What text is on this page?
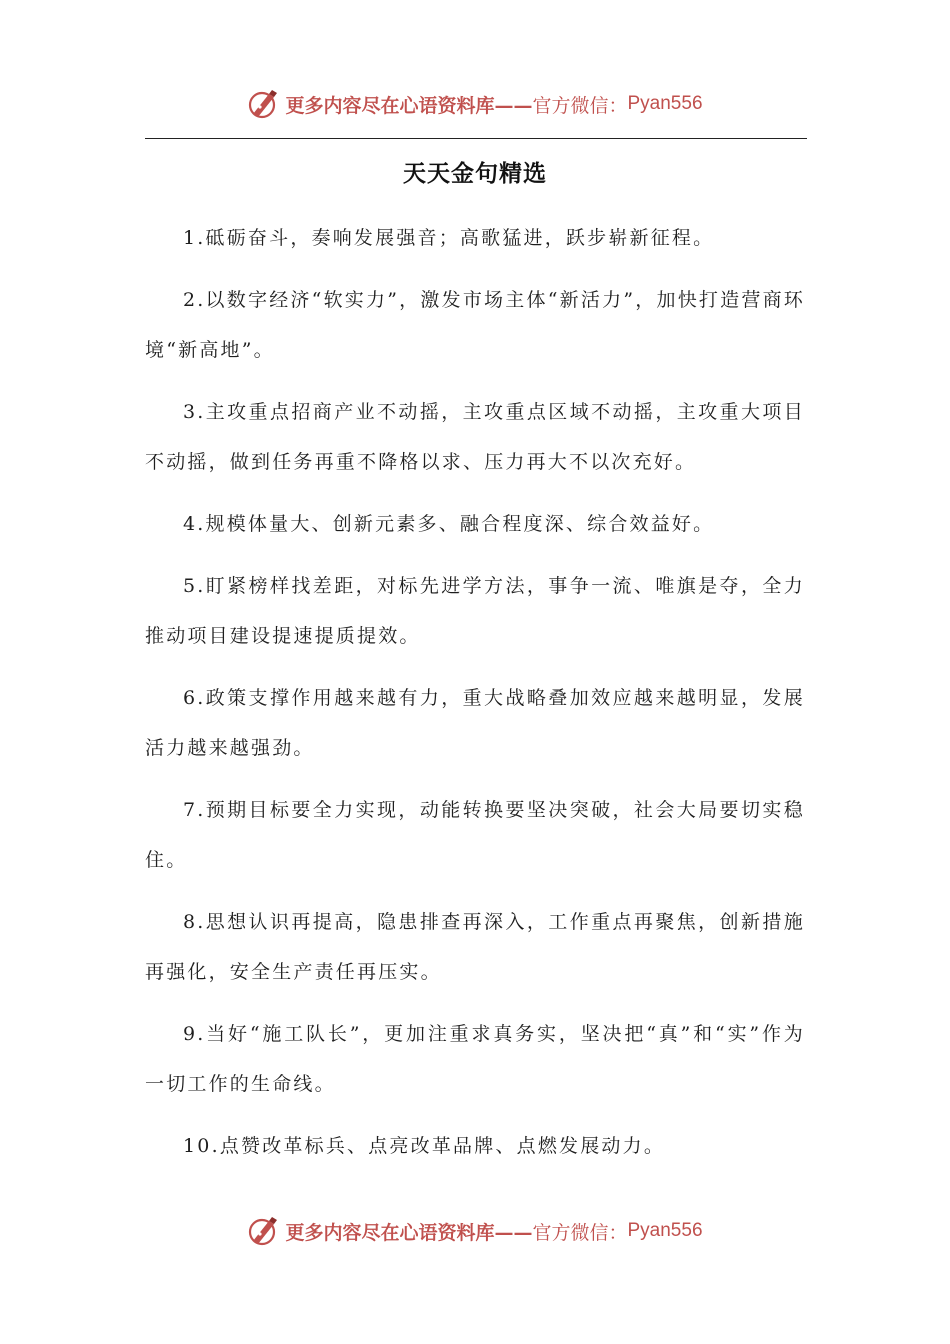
更多内容尽在心语资料库—— 官方微信： Pyan556
天天金句精选

1.砥砺奋斗，奏响发展强音；高歌猛进，跃步崭新征程。

2.以数字经济“软实力”，激发市场主体“新活力”，加快打造营商环境“新高地”。

3.主攻重点招商产业不动摇，主攻重点区域不动摇，主攻重大项目不动摇，做到任务再重不降格以求、压力再大不以次充好。

4.规模体量大、创新元素多、融合程度深、综合效益好。

5.盯紧榜样找差距，对标先进学方法，事争一流、唯旗是夺，全力推动项目建设提速提质提效。

6.政策支撑作用越来越有力，重大战略叠加效应越来越明显，发展活力越来越强劲。

7.预期目标要全力实现，动能转换要坚决突破，社会大局要切实稳住。

8.思想认识再提高，隐患排查再深入，工作重点再聚焦，创新措施再强化，安全生产责任再压实。

9.当好“施工队长”，更加注重求真务实，坚决把“真”和“实”作为一切工作的生命线。

10.点赞改革标兵、点亮改革品牌、点燃发展动力。

更多内容尽在心语资料库—— 官方微信： Pyan556
